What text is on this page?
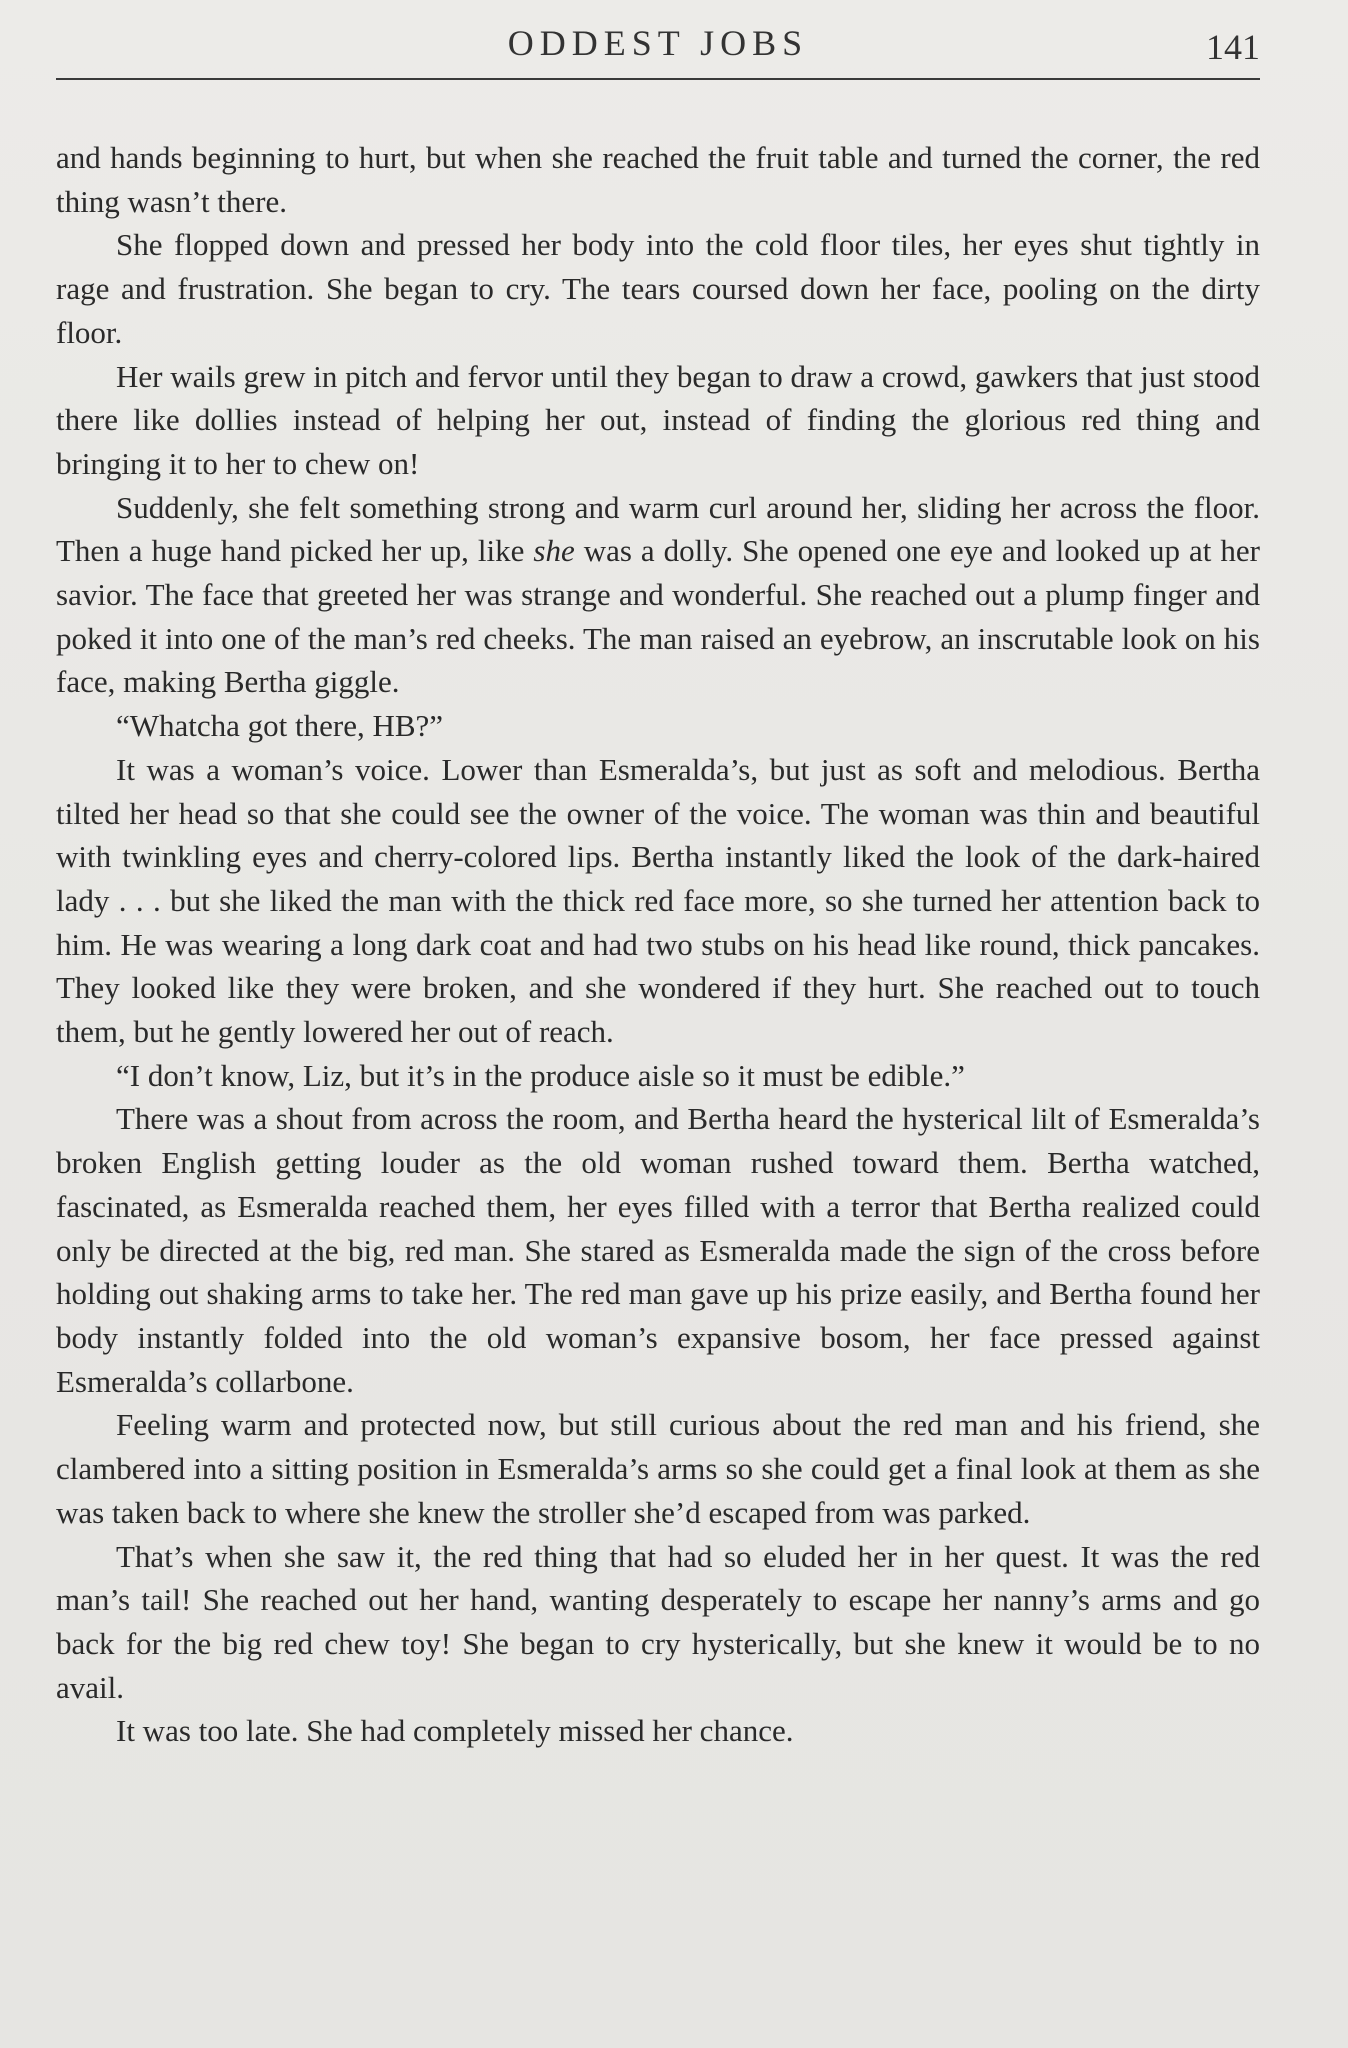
ODDEST JOBS	141

and hands beginning to hurt, but when she reached the fruit table and turned the corner, the red thing wasn’t there.

She flopped down and pressed her body into the cold floor tiles, her eyes shut tightly in rage and frustration. She began to cry. The tears coursed down her face, pooling on the dirty floor.

Her wails grew in pitch and fervor until they began to draw a crowd, gawkers that just stood there like dollies instead of helping her out, instead of finding the glorious red thing and bringing it to her to chew on!

Suddenly, she felt something strong and warm curl around her, sliding her across the floor. Then a huge hand picked her up, like she was a dolly. She opened one eye and looked up at her savior. The face that greeted her was strange and wonderful. She reached out a plump finger and poked it into one of the man’s red cheeks. The man raised an eyebrow, an inscrutable look on his face, making Bertha giggle.

“Whatcha got there, HB?”

It was a woman’s voice. Lower than Esmeralda’s, but just as soft and melodious. Bertha tilted her head so that she could see the owner of the voice. The woman was thin and beautiful with twinkling eyes and cherry-colored lips. Bertha instantly liked the look of the dark-haired lady . . . but she liked the man with the thick red face more, so she turned her attention back to him. He was wearing a long dark coat and had two stubs on his head like round, thick pancakes. They looked like they were broken, and she wondered if they hurt. She reached out to touch them, but he gently lowered her out of reach.

“I don’t know, Liz, but it’s in the produce aisle so it must be edible.”

There was a shout from across the room, and Bertha heard the hysterical lilt of Esmeralda’s broken English getting louder as the old woman rushed toward them. Bertha watched, fascinated, as Esmeralda reached them, her eyes filled with a terror that Bertha realized could only be directed at the big, red man. She stared as Esmeralda made the sign of the cross before holding out shaking arms to take her. The red man gave up his prize easily, and Bertha found her body instantly folded into the old woman’s expansive bosom, her face pressed against Esmeralda’s collarbone.

Feeling warm and protected now, but still curious about the red man and his friend, she clambered into a sitting position in Esmeralda’s arms so she could get a final look at them as she was taken back to where she knew the stroller she’d escaped from was parked.

That’s when she saw it, the red thing that had so eluded her in her quest. It was the red man’s tail! She reached out her hand, wanting desperately to escape her nanny’s arms and go back for the big red chew toy! She began to cry hysterically, but she knew it would be to no avail.

It was too late. She had completely missed her chance.
